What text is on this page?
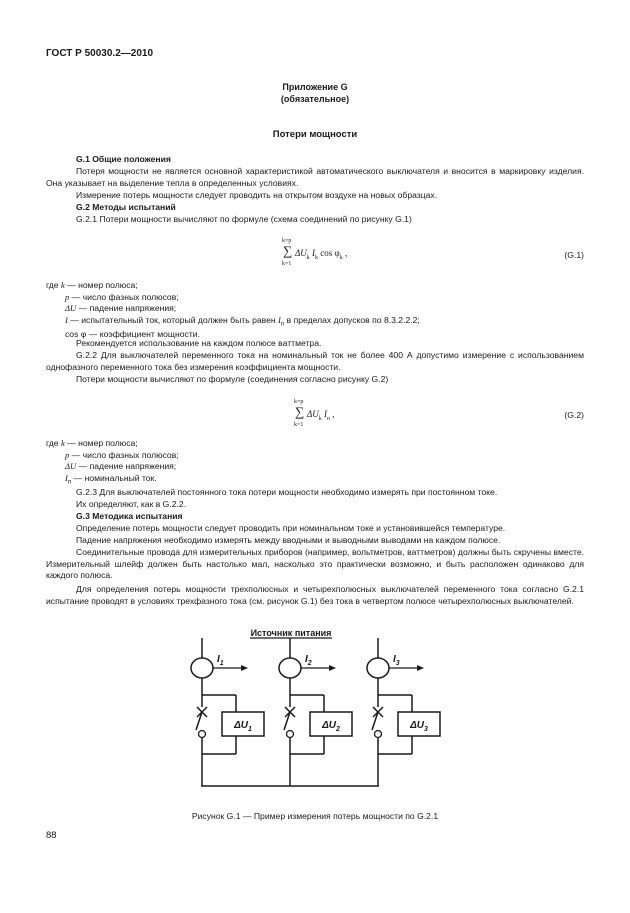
ГОСТ Р 50030.2—2010
Приложение G
(обязательное)
Потери мощности
G.1 Общие положения
Потеря мощности не является основной характеристикой автоматического выключателя и вносится в маркировку изделия. Она указывает на выделение тепла в определенных условиях.
Измерение потерь мощности следует проводить на открытом воздухе на новых образцах.
G.2 Методы испытаний
G.2.1 Потери мощности вычисляют по формуле (схема соединений по рисунку G.1)
k=p
∑ $\Delta U_k$ $I_k$ $\cos \varphi_k$ ,
k=1
(G.1)
где k — номер полюса;
p — число фазных полюсов;
ΔU — падение напряжения;
I — испытательный ток, который должен быть равен $I_n$ в пределах допусков по 8.3.2.2.2;
cos φ — коэффициент мощности.
Рекомендуется использование на каждом полюсе ваттметра.
G.2.2 Для выключателей переменного тока на номинальный ток не более 400 А допустимо измерение с использованием однофазного переменного тока без измерения коэффициента мощности.
Потери мощности вычисляют по формуле (соединения согласно рисунку G.2)
k=p
∑ $\Delta U_k$ $I_n$ ,
k=1
(G.2)
где k — номер полюса;
p — число фазных полюсов;
ΔU — падение напряжения;
$I_n$ — номинальный ток.
G.2.3 Для выключателей постоянного тока потери мощности необходимо измерять при постоянном токе.
Их определяют, как в G.2.2.
G.3 Методика испытания
Определение потерь мощности следует проводить при номинальном токе и установившейся температуре.
Падение напряжения необходимо измерять между вводными и выводными выводами на каждом полюсе.
Соединительные провода для измерительных приборов (например, вольтметров, ваттметров) должны быть скручены вместе. Измерительный шлейф должен быть настолько мал, насколько это практически возможно, и быть расположен одинаково для каждого полюса.
Для определения потерь мощности трехполюсных и четырехполюсных выключателей переменного тока согласно G.2.1 испытание проводят в условиях трехфазного тока (см. рисунок G.1) без тока в четвертом полюсе четырехполюсных выключателей.
Источник питания
$I_1$
$\Delta U_1$
$I_2$
$\Delta U_2$
$I_3$
$\Delta U_3$
Рисунок G.1 — Пример измерения потерь мощности по G.2.1
88
